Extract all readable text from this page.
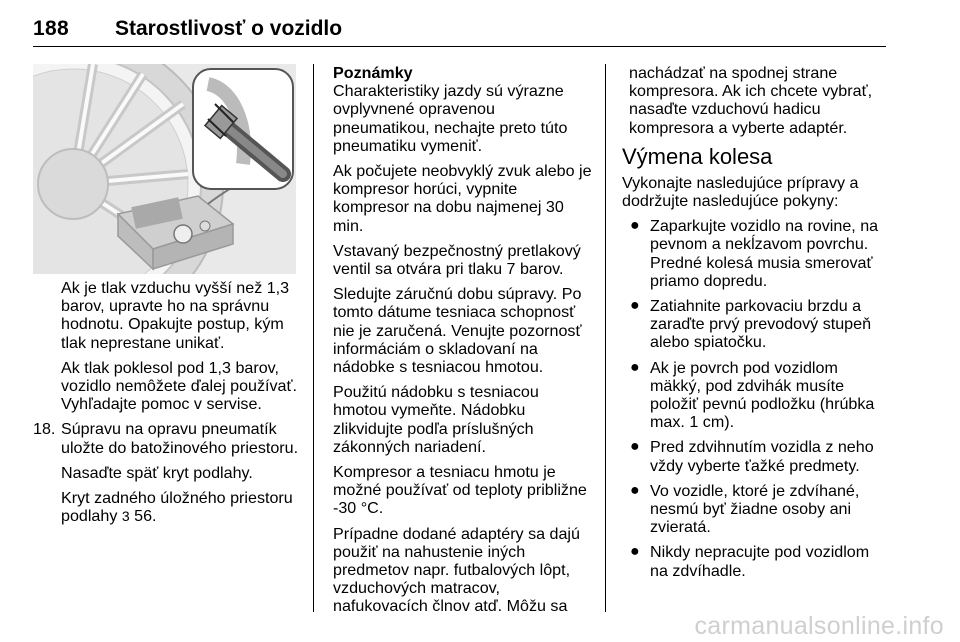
188 Starostlivosť o vozidlo

Ak je tlak vzduchu vyšší než 1,3 barov, upravte ho na správnu hodnotu. Opakujte postup, kým tlak neprestane unikať.

Ak tlak poklesol pod 1,3 barov, vozidlo nemôžete ďalej používať. Vyhľadajte pomoc v servise.

18. Súpravu na opravu pneumatík uložte do batožinového priestoru.

Nasaďte späť kryt podlahy.

Kryt zadného úložného priestoru podlahy 3 56.

Poznámky
Charakteristiky jazdy sú výrazne ovplyvnené opravenou pneumatikou, nechajte preto túto pneumatiku vymeniť.

Ak počujete neobvyklý zvuk alebo je kompresor horúci, vypnite kompresor na dobu najmenej 30 min.

Vstavaný bezpečnostný pretlakový ventil sa otvára pri tlaku 7 barov.

Sledujte záručnú dobu súpravy. Po tomto dátume tesniaca schopnosť nie je zaručená. Venujte pozornosť informáciám o skladovaní na nádobke s tesniacou hmotou.

Použitú nádobku s tesniacou hmotou vymeňte. Nádobku zlikvidujte podľa príslušných zákonných nariadení.

Kompresor a tesniacu hmotu je možné používať od teploty približne -30 °C.

Prípadne dodané adaptéry sa dajú použiť na nahustenie iných predmetov napr. futbalových lôpt, vzduchových matracov, nafukovacích člnov atď. Môžu sa

nachádzať na spodnej strane kompresora. Ak ich chcete vybrať, nasaďte vzduchovú hadicu kompresora a vyberte adaptér.

Výmena kolesa

Vykonajte nasledujúce prípravy a dodržujte nasledujúce pokyny:

● Zaparkujte vozidlo na rovine, na pevnom a nekĺzavom povrchu. Predné kolesá musia smerovať priamo dopredu.
● Zatiahnite parkovaciu brzdu a zaraďte prvý prevodový stupeň alebo spiatočku.
● Ak je povrch pod vozidlom mäkký, pod zdvihák musíte položiť pevnú podložku (hrúbka max. 1 cm).
● Pred zdvihnutím vozidla z neho vždy vyberte ťažké predmety.
● Vo vozidle, ktoré je zdvíhané, nesmú byť žiadne osoby ani zvieratá.
● Nikdy nepracujte pod vozidlom na zdvíhadle.
carmanualsonline.info
